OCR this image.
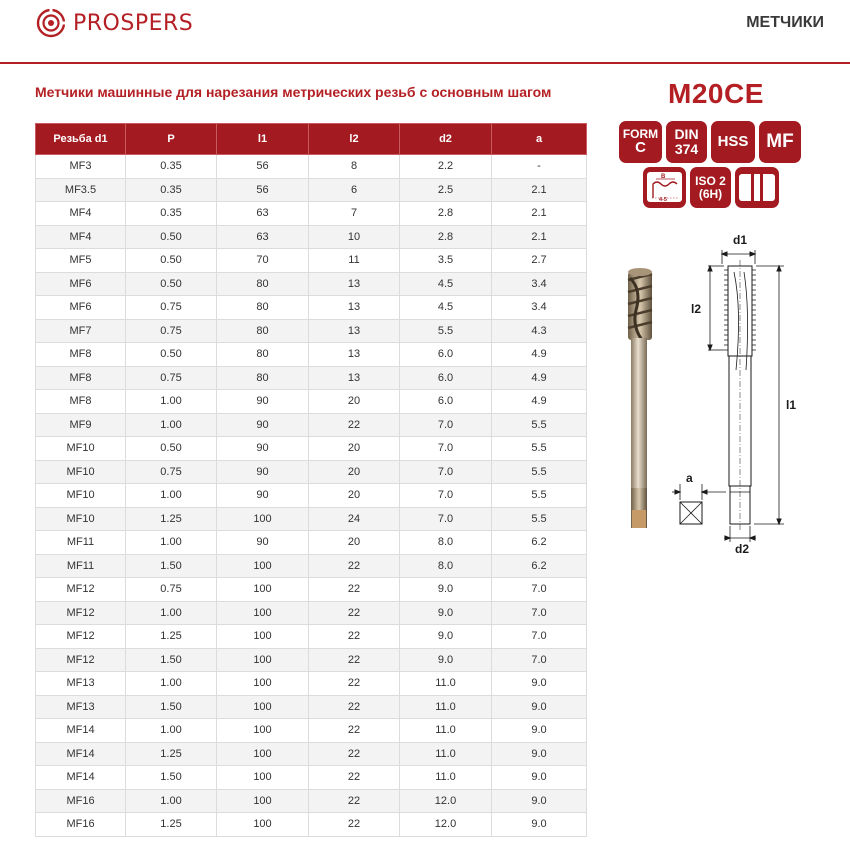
PROSPERS	МЕТЧИКИ
Метчики машинные для нарезания метрических резьб с основным шагом	M20CE
Резьба d1	P	l1	l2	d2	a
MF3	0.35	56	8	2.2	-
MF3.5	0.35	56	6	2.5	2.1
MF4	0.35	63	7	2.8	2.1
MF4	0.50	63	10	2.8	2.1
MF5	0.50	70	11	3.5	2.7
MF6	0.50	80	13	4.5	3.4
MF6	0.75	80	13	4.5	3.4
MF7	0.75	80	13	5.5	4.3
MF8	0.50	80	13	6.0	4.9
MF8	0.75	80	13	6.0	4.9
MF8	1.00	90	20	6.0	4.9
MF9	1.00	90	22	7.0	5.5
MF10	0.50	90	20	7.0	5.5
MF10	0.75	90	20	7.0	5.5
MF10	1.00	90	20	7.0	5.5
MF10	1.25	100	24	7.0	5.5
MF11	1.00	90	20	8.0	6.2
MF11	1.50	100	22	8.0	6.2
MF12	0.75	100	22	9.0	7.0
MF12	1.00	100	22	9.0	7.0
MF12	1.25	100	22	9.0	7.0
MF12	1.50	100	22	9.0	7.0
MF13	1.00	100	22	11.0	9.0
MF13	1.50	100	22	11.0	9.0
MF14	1.00	100	22	11.0	9.0
MF14	1.25	100	22	11.0	9.0
MF14	1.50	100	22	11.0	9.0
MF16	1.00	100	22	12.0	9.0
MF16	1.25	100	22	12.0	9.0
FORM
C
DIN
374 HSS MF
B
4-5
ISO 2
(6H)
d1
l2
l1
a
d2
